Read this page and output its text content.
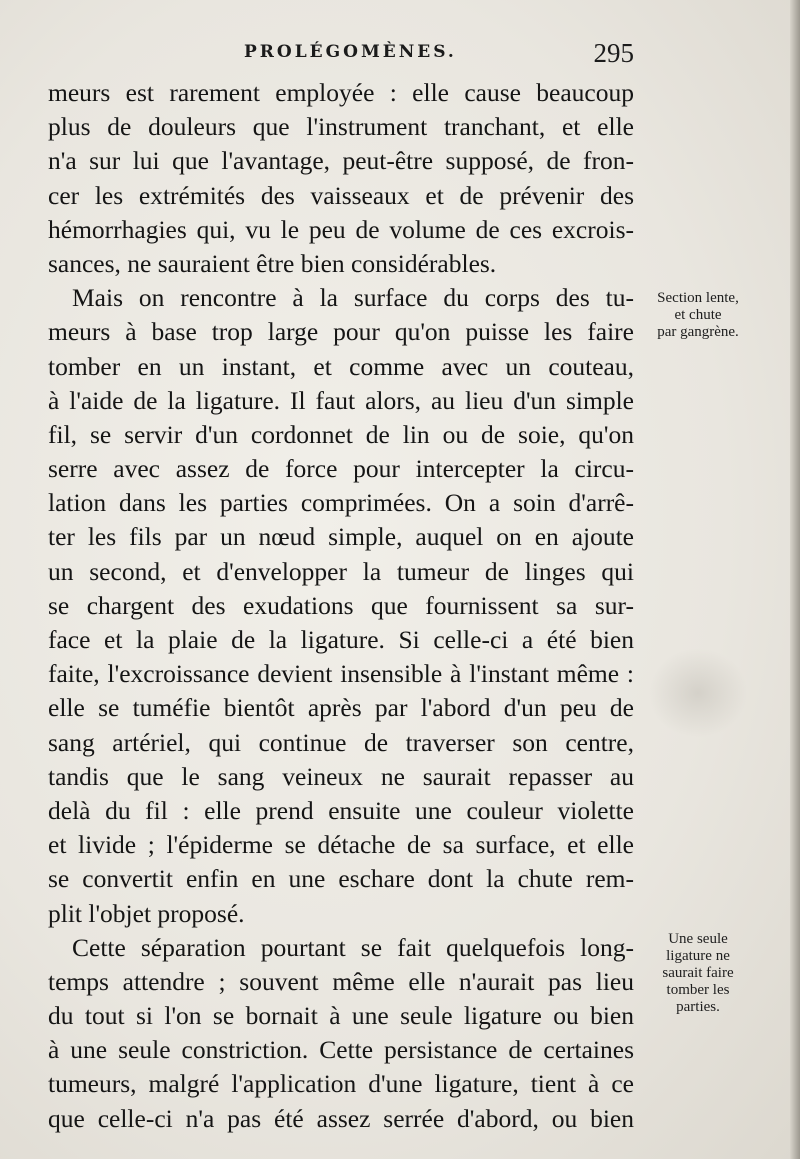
PROLÉGOMÈNES.	295
meurs est rarement employée : elle cause beaucoup
plus de douleurs que l'instrument tranchant, et elle
n'a sur lui que l'avantage, peut-être supposé, de fron-
cer les extrémités des vaisseaux et de prévenir des
hémorrhagies qui, vu le peu de volume de ces excrois-
sances, ne sauraient être bien considérables.
Mais on rencontre à la surface du corps des tu-
meurs à base trop large pour qu'on puisse les faire
tomber en un instant, et comme avec un couteau,
à l'aide de la ligature. Il faut alors, au lieu d'un simple
fil, se servir d'un cordonnet de lin ou de soie, qu'on
serre avec assez de force pour intercepter la circu-
lation dans les parties comprimées. On a soin d'arrê-
ter les fils par un nœud simple, auquel on en ajoute
un second, et d'envelopper la tumeur de linges qui
se chargent des exudations que fournissent sa sur-
face et la plaie de la ligature. Si celle-ci a été bien
faite, l'excroissance devient insensible à l'instant même :
elle se tuméfie bientôt après par l'abord d'un peu de
sang artériel, qui continue de traverser son centre,
tandis que le sang veineux ne saurait repasser au
delà du fil : elle prend ensuite une couleur violette
et livide ; l'épiderme se détache de sa surface, et elle
se convertit enfin en une eschare dont la chute rem-
plit l'objet proposé.
Cette séparation pourtant se fait quelquefois long-
temps attendre ; souvent même elle n'aurait pas lieu
du tout si l'on se bornait à une seule ligature ou bien
à une seule constriction. Cette persistance de certaines
tumeurs, malgré l'application d'une ligature, tient à ce
que celle-ci n'a pas été assez serrée d'abord, ou bien
Section lente,
et chute
par gangrène.
Une seule
ligature ne
saurait faire
tomber les
parties.
